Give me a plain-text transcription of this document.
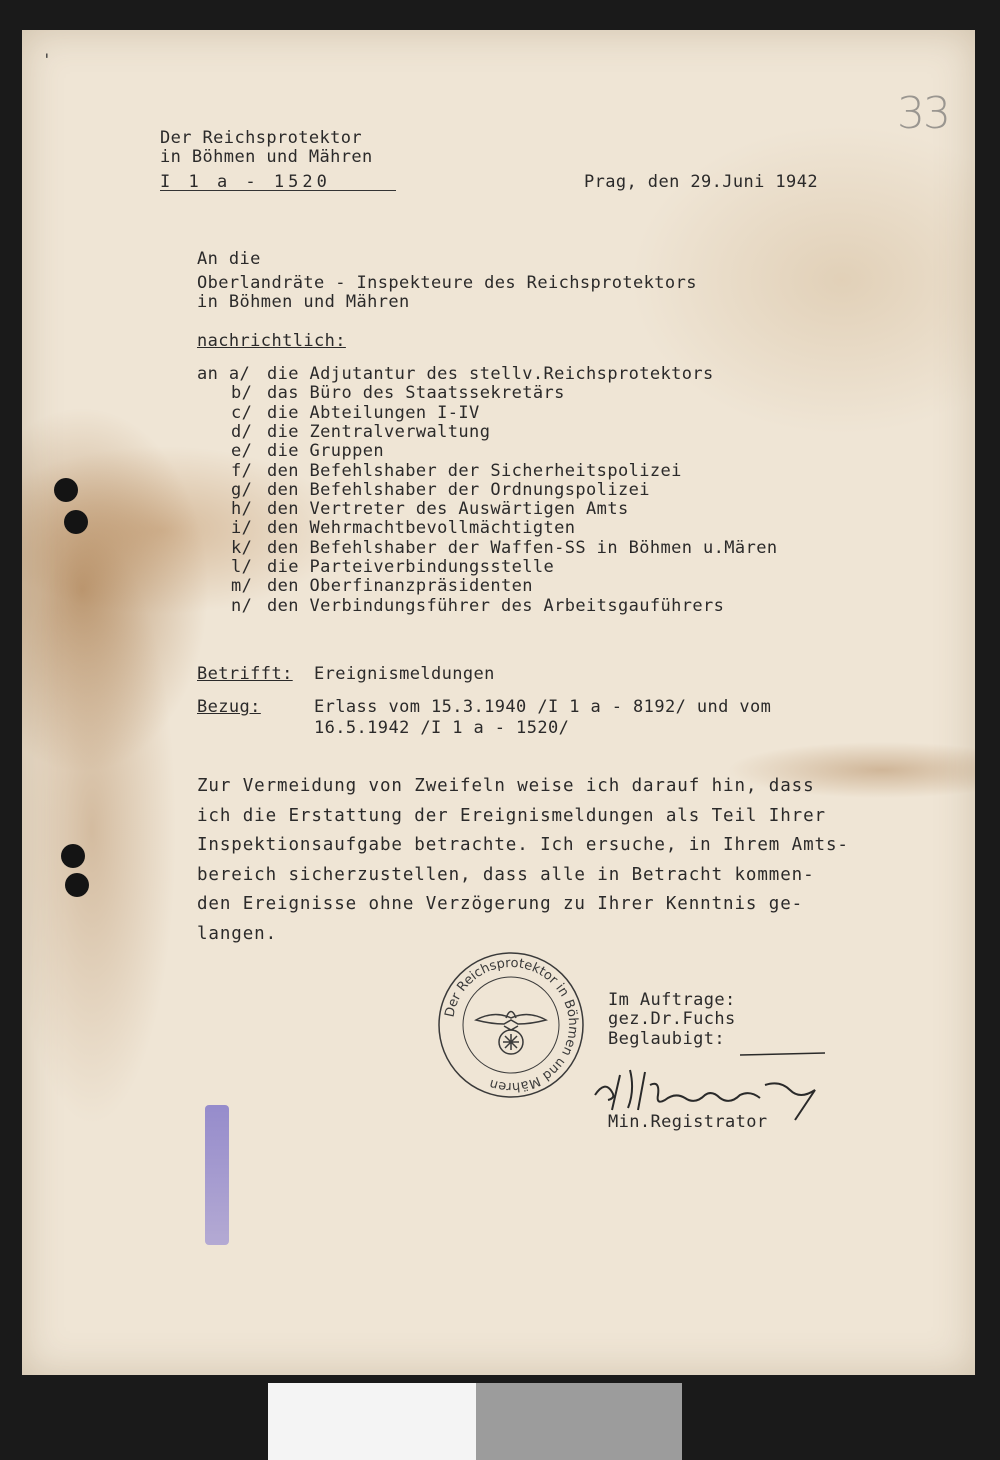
33
'
Der Reichsprotektor
in Böhmen und Mähren
I 1 a - 1520	Prag, den 29.Juni 1942
An die
Oberlandräte - Inspekteure des Reichsprotektors
in Böhmen und Mähren
nachrichtlich:
an a/ die Adjutantur des stellv.Reichsprotektors
b/ das Büro des Staatssekretärs
c/ die Abteilungen I-IV
d/ die Zentralverwaltung
e/ die Gruppen
f/ den Befehlshaber der Sicherheitspolizei
g/ den Befehlshaber der Ordnungspolizei
h/ den Vertreter des Auswärtigen Amts
i/ den Wehrmachtbevollmächtigten
k/ den Befehlshaber der Waffen-SS in Böhmen u.Mären
l/ die Parteiverbindungsstelle
m/ den Oberfinanzpräsidenten
n/ den Verbindungsführer des Arbeitsgauführers
Betrifft: Ereignismeldungen
Bezug:	Erlass vom 15.3.1940 /I 1 a - 8192/ und vom
16.5.1942 /I 1 a - 1520/
Zur Vermeidung von Zweifeln weise ich darauf hin, dass
ich die Erstattung der Ereignismeldungen als Teil Ihrer
Inspektionsaufgabe betrachte. Ich ersuche, in Ihrem Amts-
bereich sicherzustellen, dass alle in Betracht kommen-
den Ereignisse ohne Verzögerung zu Ihrer Kenntnis ge-
langen.
Der Reichsprotektor in Böhmen und Mähren
Im Auftrage:
gez.Dr.Fuchs
Beglaubigt:
Min.Registrator
